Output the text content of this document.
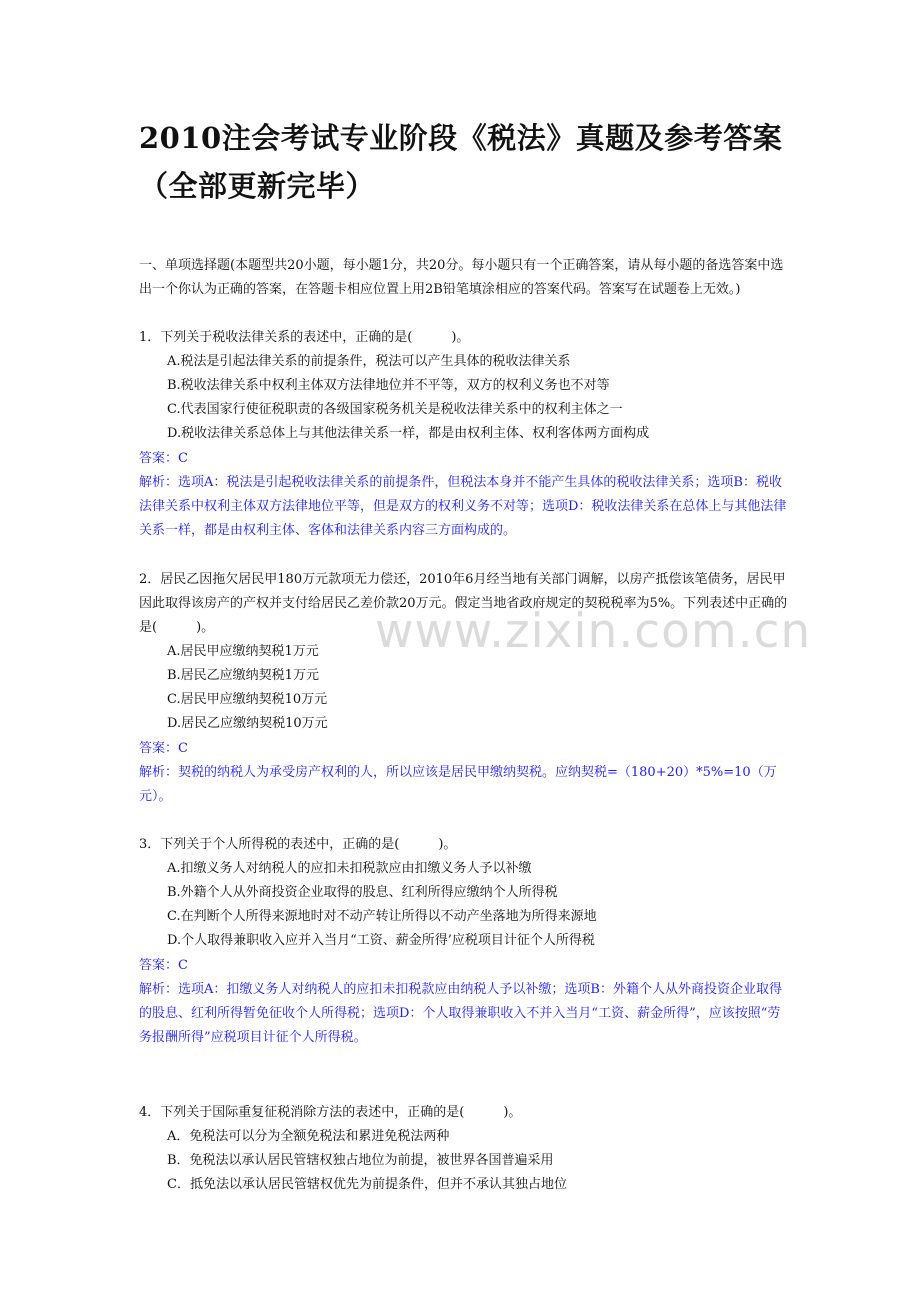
2010注会考试专业阶段《税法》真题及参考答案（全部更新完毕）

一、单项选择题(本题型共20小题，每小题1分，共20分。每小题只有一个正确答案，请从每小题的备选答案中选出一个你认为正确的答案，在答题卡相应位置上用2B铅笔填涂相应的答案代码。答案写在试题卷上无效。)

1．下列关于税收法律关系的表述中，正确的是(　　　)。

A.税法是引起法律关系的前提条件，税法可以产生具体的税收法律关系

B.税收法律关系中权利主体双方法律地位并不平等，双方的权利义务也不对等

C.代表国家行使征税职责的各级国家税务机关是税收法律关系中的权利主体之一

D.税收法律关系总体上与其他法律关系一样，都是由权利主体、权利客体两方面构成

答案：C

解析：选项A：税法是引起税收法律关系的前提条件，但税法本身并不能产生具体的税收法律关系；选项B：税收法律关系中权利主体双方法律地位平等，但是双方的权利义务不对等；选项D：税收法律关系在总体上与其他法律关系一样，都是由权利主体、客体和法律关系内容三方面构成的。

2．居民乙因拖欠居民甲180万元款项无力偿还，2010年6月经当地有关部门调解，以房产抵偿该笔债务，居民甲因此取得该房产的产权并支付给居民乙差价款20万元。假定当地省政府规定的契税税率为5%。下列表述中正确的是(　　　)。

A.居民甲应缴纳契税1万元

B.居民乙应缴纳契税1万元

C.居民甲应缴纳契税10万元

D.居民乙应缴纳契税10万元

答案：C

解析：契税的纳税人为承受房产权利的人，所以应该是居民甲缴纳契税。应纳契税=（180+20）*5%=10（万元）。

3．下列关于个人所得税的表述中，正确的是(　　　)。

A.扣缴义务人对纳税人的应扣未扣税款应由扣缴义务人予以补缴

B.外籍个人从外商投资企业取得的股息、红利所得应缴纳个人所得税

C.在判断个人所得来源地时对不动产转让所得以不动产坐落地为所得来源地

D.个人取得兼职收入应并入当月“工资、薪金所得’应税项目计征个人所得税

答案：C

解析：选项A：扣缴义务人对纳税人的应扣未扣税款应由纳税人予以补缴；选项B：外籍个人从外商投资企业取得的股息、红利所得暂免征收个人所得税；选项D：个人取得兼职收入不并入当月“工资、薪金所得”，应该按照“劳务报酬所得”应税项目计征个人所得税。

4．下列关于国际重复征税消除方法的表述中，正确的是(　　　)。

A．免税法可以分为全额免税法和累进免税法两种

B．免税法以承认居民管辖权独占地位为前提，被世界各国普遍采用

C．抵免法以承认居民管辖权优先为前提条件，但并不承认其独占地位

www.zixin.com.cn
